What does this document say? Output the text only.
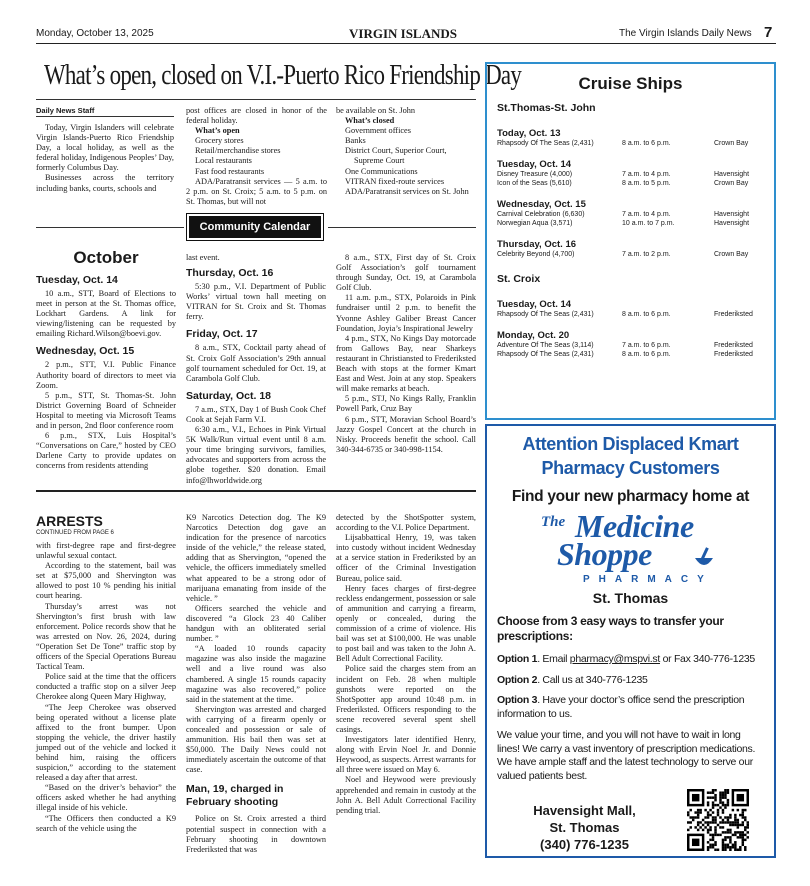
Monday, October 13, 2025	VIRGIN ISLANDS	The Virgin Islands Daily News 7
What’s open, closed on V.I.-Puerto Rico Friendship Day
Daily News Staff

Today, Virgin Islanders will celebrate Virgin Islands-Puerto Rico Friendship Day, a local holiday, as well as the federal holiday, Indigenous Peoples’ Day, formerly Columbus Day.

Businesses across the territory including banks, courts, schools and

post offices are closed in honor of the federal holiday.

What’s open
Grocery stores
Retail/merchandise stores
Local restaurants
Fast food restaurants

ADA/Paratransit services — 5 a.m. to 2 p.m. on St. Croix; 5 a.m. to 5 p.m. on St. Thomas, but will not

be available on St. John

What’s closed
Government offices
Banks
District Court, Superior Court, Supreme Court
One Communications
VITRAN fixed-route services

ADA/Paratransit services on St. John

Community Calendar
October
Tuesday, Oct. 14

10 a.m., STT, Board of Elections to meet in person at the St. Thomas office, Lockhart Gardens. A link for viewing/listening can be requested by emailing Richard.Wilson@boevi.gov.

Wednesday, Oct. 15

2 p.m., STT, V.I. Public Finance Authority board of directors to meet via Zoom.

5 p.m., STT, St. Thomas-St. John District Governing Board of Schneider Hospital to meeting via Microsoft Teams and in person, 2nd floor conference room

6 p.m., STX, Luis Hospital’s “Conversations on Care,” hosted by CEO Darlene Carty to provide updates on concerns from residents attending

last event.

Thursday, Oct. 16

5:30 p.m., V.I. Department of Public Works’ virtual town hall meeting on VITRAN for St. Croix and St. Thomas ferry.

Friday, Oct. 17

8 a.m., STX, Cocktail party ahead of St. Croix Golf Association’s 29th annual golf tournament scheduled for Oct. 19, at Carambola Golf Club.

Saturday, Oct. 18

7 a.m., STX, Day 1 of Bush Cook Chef Cook at Sejah Farm V.I.

6:30 a.m., V.I., Echoes in Pink Virtual 5K Walk/Run virtual event until 8 a.m. your time bringing survivors, families, advocates and supporters from across the globe together. $20 donation. Email info@lhworldwide.org

8 a.m., STX, First day of St. Croix Golf Association’s golf tournament through Sunday, Oct. 19, at Carambola Golf Club.

11 a.m. p.m., STX, Polaroids in Pink fundraiser until 2 p.m. to benefit the Yvonne Ashley Galiber Breast Cancer Foundation, Joyia’s Inspirational Jewelry

4 p.m., STX, No Kings Day motorcade from Gallows Bay, near Sharkeys restaurant in Christiansted to Frederiksted Beach with stops at the former Kmart East and West. Join at any stop. Speakers will make remarks at beach.

5 p.m., STJ, No Kings Rally, Franklin Powell Park, Cruz Bay

6 p.m., STT, Moravian School Board’s Jazzy Gospel Concert at the church in Nisky. Proceeds benefit the school. Call 340-344-6735 or 340-998-1154.

ARRESTS
CONTINUED FROM PAGE 6

with first-degree rape and first-degree unlawful sexual contact.

According to the statement, bail was set at $75,000 and Shervington was allowed to post 10 % pending his initial court hearing.

Thursday’s arrest was not Shervington’s first brush with law enforcement. Police records show that he was arrested on Nov. 26, 2024, during “Operation Set De Tone” traffic stop by officers of the Special Operations Bureau Tactical Team.

Police said at the time that the officers conducted a traffic stop on a silver Jeep Cherokee along Queen Mary Highway,

“The Jeep Cherokee was observed being operated without a license plate affixed to the front bumper. Upon stopping the vehicle, the driver hastily jumped out of the vehicle and locked it behind him, raising the officers suspicion,” according to the statement released a day after that arrest.

“Based on the driver’s behavior” the officers asked whether he had anything illegal inside of his vehicle.

“The Officers then conducted a K9 search of the vehicle using the

K9 Narcotics Detection dog. The K9 Narcotics Detection dog gave an indication for the presence of narcotics inside of the vehicle,” the release stated, adding that as Shervington, “opened the vehicle, the officers immediately smelled what appeared to be a strong odor of marijuana emanating from inside of the vehicle. ”

Officers searched the vehicle and discovered “a Glock 23 40 Caliber handgun with an obliterated serial number. ”

“A loaded 10 rounds capacity magazine was also inside the magazine well and a live round was also chambered. A single 15 rounds capacity magazine was also recovered,” police said in the statement at the time.

Shervington was arrested and charged with carrying of a firearm openly or concealed and possession or sale of ammunition. His bail then was set at $50,000. The Daily News could not immediately ascertain the outcome of that case.

Man, 19, charged in February shooting

Police on St. Croix arrested a third potential suspect in connection with a February shooting in downtown Frederiksted that was

detected by the ShotSpotter system, according to the V.I. Police Department.

Lijsabbattical Henry, 19, was taken into custody without incident Wednesday at a service station in Frederiksted by an officer of the Criminal Investigation Bureau, police said.

Henry faces charges of first-degree reckless endangerment, possession or sale of ammunition and carrying a firearm, openly or concealed, during the commission of a crime of violence. His bail was set at $100,000. He was unable to post bail and was taken to the John A. Bell Adult Correctional Facility.

Police said the charges stem from an incident on Feb. 28 when multiple gunshots were reported on the ShotSpotter app around 10:48 p.m. in Frederiksted. Officers responding to the scene recovered several spent shell casings.

Investigators later identified Henry, along with Ervin Noel Jr. and Donnie Heywood, as suspects. Arrest warrants for all three were issued on May 6.

Noel and Heywood were previously apprehended and remain in custody at the John A. Bell Adult Correctional Facility pending trial.

Cruise Ships
St.Thomas-St. John
Today, Oct. 13
Rhapsody Of The Seas (2,431)	8 a.m. to 6 p.m.	Crown Bay
Tuesday, Oct. 14
Disney Treasure (4,000)	7 a.m. to 4 p.m.	Havensight
Icon of the Seas (5,610)	8 a.m. to 5 p.m.	Crown Bay
Wednesday, Oct. 15
Carnival Celebration (6,630)	7 a.m. to 4 p.m.	Havensight
Norwegian Aqua (3,571)	10 a.m. to 7 p.m.	Havensight
Thursday, Oct. 16
Celebrity Beyond (4,700)	7 a.m. to 2 p.m.	Crown Bay
St. Croix
Tuesday, Oct. 14
Rhapsody Of The Seas (2,431)	8 a.m. to 6 p.m.	Frederiksted
Monday, Oct. 20
Adventure Of The Seas (3,114)	7 a.m. to 6 p.m.	Frederiksted
Rhapsody Of The Seas (2,431)	8 a.m. to 6 p.m.	Frederiksted
Attention Displaced Kmart
Pharmacy Customers
Find your new pharmacy home at
The Medicine
Shoppe
PHARMACY
St. Thomas
Choose from 3 easy ways to transfer your prescriptions:
Option 1. Email pharmacy@mspvi.st or Fax 340-776-1235
Option 2. Call us at 340-776-1235
Option 3. Have your doctor’s office send the prescription information to us.
We value your time, and you will not have to wait in long lines! We carry a vast inventory of prescription medications. We have ample staff and the latest technology to serve our valued patients best.
Havensight Mall,
St. Thomas
(340) 776-1235
